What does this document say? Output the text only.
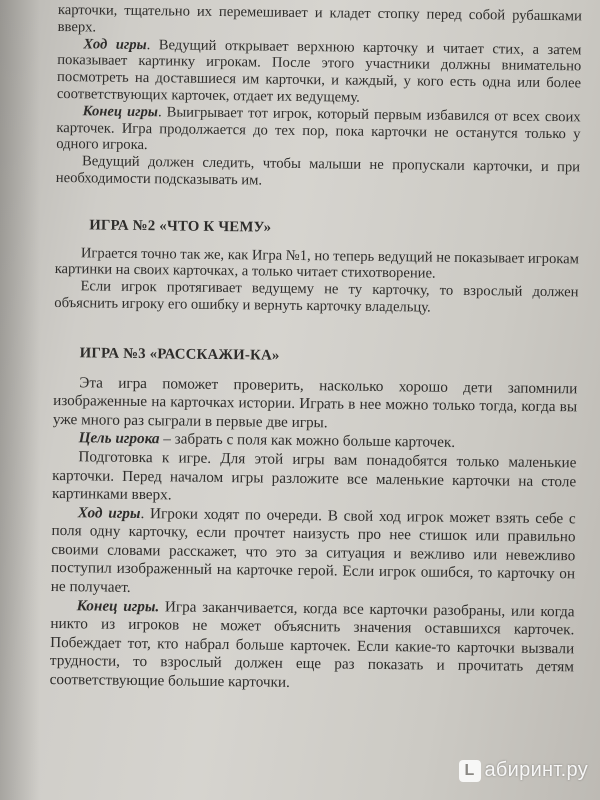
карточки, тщательно их перемешивает и кладет стопку перед собой рубашками вверх.

Ход игры. Ведущий открывает верхнюю карточку и читает стих, а затем показывает картинку игрокам. После этого участники должны внимательно посмотреть на доставшиеся им карточки, и каждый, у кого есть одна или более соответствующих карточек, отдает их ведущему.

Конец игры. Выигрывает тот игрок, который первым избавился от всех своих карточек. Игра продолжается до тех пор, пока карточки не останутся только у одного игрока.

Ведущий должен следить, чтобы малыши не пропускали карточки, и при необходимости подсказывать им.

ИГРА №2 «ЧТО К ЧЕМУ»

Играется точно так же, как Игра №1, но теперь ведущий не показывает игрокам картинки на своих карточках, а только читает стихотворение.

Если игрок протягивает ведущему не ту карточку, то взрослый должен объяснить игроку его ошибку и вернуть карточку владельцу.

ИГРА №3 «РАССКАЖИ-КА»

Эта игра поможет проверить, насколько хорошо дети запомнили изображенные на карточках истории. Играть в нее можно только тогда, когда вы уже много раз сыграли в первые две игры.

Цель игрока – забрать с поля как можно больше карточек.

Подготовка к игре. Для этой игры вам понадобятся только маленькие карточки. Перед началом игры разложите все маленькие карточки на столе картинками вверх.

Ход игры. Игроки ходят по очереди. В свой ход игрок может взять себе с поля одну карточку, если прочтет наизусть про нее стишок или правильно своими словами расскажет, что это за ситуация и вежливо или невежливо поступил изображенный на карточке герой. Если игрок ошибся, то карточку он не получает.

Конец игры. Игра заканчивается, когда все карточки разобраны, или когда никто из игроков не может объяснить значения оставшихся карточек. Побеждает тот, кто набрал больше карточек. Если какие-то карточки вызвали трудности, то взрослый должен еще раз показать и прочитать детям соответствующие большие карточки.

L абиринт.ру
